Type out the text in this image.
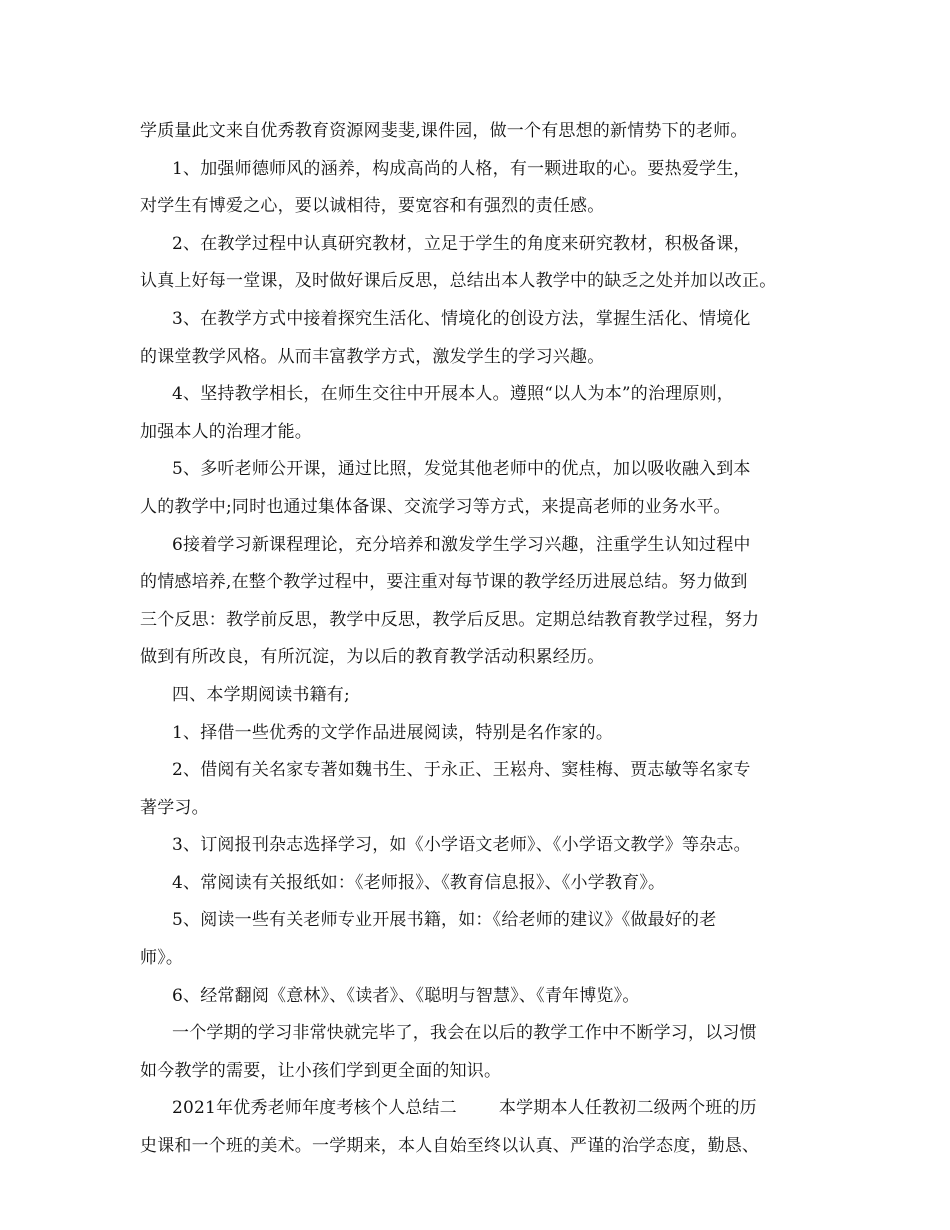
学质量此文来自优秀教育资源网斐斐,课件园，做一个有思想的新情势下的老师。
1、加强师德师风的涵养，构成高尚的人格，有一颗进取的心。要热爱学生，
对学生有博爱之心，要以诚相待，要宽容和有强烈的责任感。
2、在教学过程中认真研究教材，立足于学生的角度来研究教材，积极备课，
认真上好每一堂课，及时做好课后反思，总结出本人教学中的缺乏之处并加以改正。
3、在教学方式中接着探究生活化、情境化的创设方法，掌握生活化、情境化
的课堂教学风格。从而丰富教学方式，激发学生的学习兴趣。
4、坚持教学相长，在师生交往中开展本人。遵照“以人为本”的治理原则，
加强本人的治理才能。
5、多听老师公开课，通过比照，发觉其他老师中的优点，加以吸收融入到本
人的教学中;同时也通过集体备课、交流学习等方式，来提高老师的业务水平。
6接着学习新课程理论，充分培养和激发学生学习兴趣，注重学生认知过程中
的情感培养,在整个教学过程中，要注重对每节课的教学经历进展总结。努力做到
三个反思：教学前反思，教学中反思，教学后反思。定期总结教育教学过程，努力
做到有所改良，有所沉淀，为以后的教育教学活动积累经历。
四、本学期阅读书籍有;
1、择借一些优秀的文学作品进展阅读，特别是名作家的。
2、借阅有关名家专著如魏书生、于永正、王崧舟、窦桂梅、贾志敏等名家专
著学习。
3、订阅报刊杂志选择学习，如《小学语文老师》、《小学语文教学》等杂志。
4、常阅读有关报纸如：《老师报》、《教育信息报》、《小学教育》。
5、阅读一些有关老师专业开展书籍，如：《给老师的建议》《做最好的老
师》。
6、经常翻阅《意林》、《读者》、《聪明与智慧》、《青年博览》。
一个学期的学习非常快就完毕了，我会在以后的教学工作中不断学习，以习惯
如今教学的需要，让小孩们学到更全面的知识。
2021年优秀老师年度考核个人总结二 本学期本人任教初二级两个班的历
史课和一个班的美术。一学期来，本人自始至终以认真、严谨的治学态度，勤恳、
